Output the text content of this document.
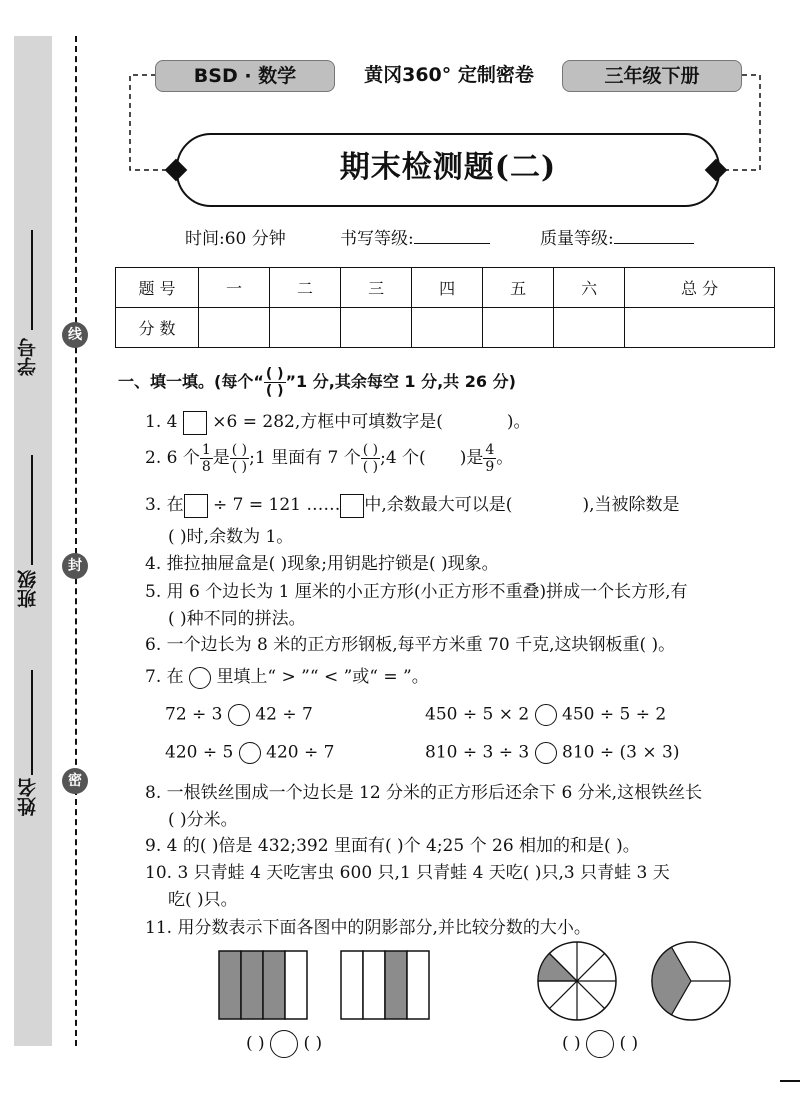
学号
班级
姓名
线
封
密
BSD · 数学	黄冈360° 定制密卷	三年级下册
期末检测题(二)
时间:60 分钟	书写等级:	质量等级:
题 号	一	二	三	四	五	六	总 分
分 数							
一、填一填。(每个“ $\frac{( )}{( )}$ ”1 分,其余每空 1 分,共 26 分)
1. 4 ×6 = 282,方框中可填数字是(	)。
2. 6 个 $\frac{1}{8}$ 是 $\frac{( )}{( )}$ ;1 里面有 7 个 $\frac{( )}{( )}$ ;4 个( )是 $\frac{4}{9}$ 。
3. 在 ÷ 7 = 121 …… 中,余数最大可以是(	),当被除数是
( )时,余数为 1。
4. 推拉抽屉盒是( )现象;用钥匙拧锁是( )现象。
5. 用 6 个边长为 1 厘米的小正方形(小正方形不重叠)拼成一个长方形,有
( )种不同的拼法。
6. 一个边长为 8 米的正方形钢板,每平方米重 70 千克,这块钢板重( )。
7. 在 里填上“ > ”“ < ”或“ = ”。
72 ÷ 3 42 ÷ 7	450 ÷ 5 × 2 450 ÷ 5 ÷ 2
420 ÷ 5 420 ÷ 7	810 ÷ 3 ÷ 3 810 ÷ (3 × 3)
8. 一根铁丝围成一个边长是 12 分米的正方形后还余下 6 分米,这根铁丝长
( )分米。
9. 4 的( )倍是 432;392 里面有( )个 4;25 个 26 相加的和是( )。
10. 3 只青蛙 4 天吃害虫 600 只,1 只青蛙 4 天吃( )只,3 只青蛙 3 天
吃( )只。
11. 用分数表示下面各图中的阴影部分,并比较分数的大小。
( ) ( )	( ) ( )
